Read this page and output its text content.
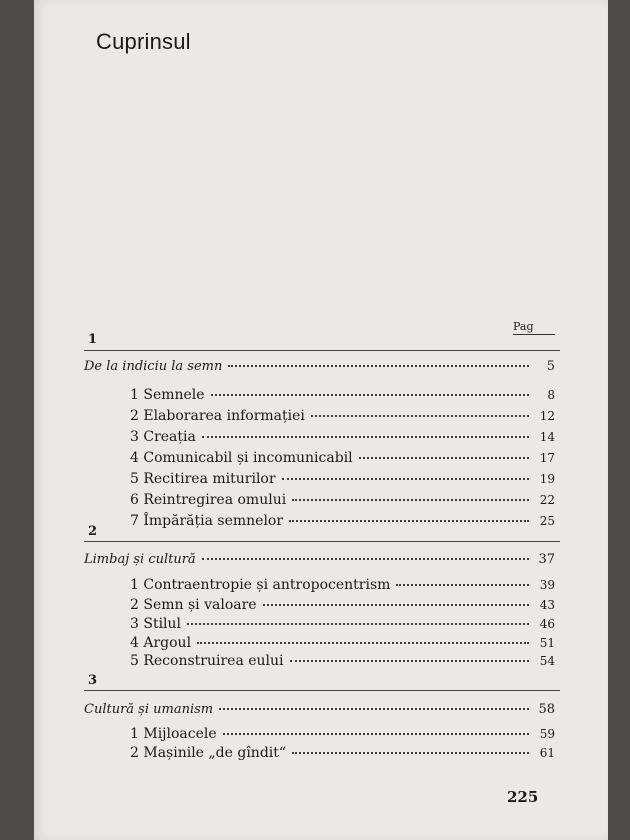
Cuprinsul
Pag
1
De la indiciu la semn	5
1 Semnele	8
2 Elaborarea informației	12
3 Creația	14
4 Comunicabil și incomunicabil	17
5 Recitirea miturilor	19
6 Reintregirea omului	22
7 Împărăția semnelor	25
2
Limbaj și cultură	37
1 Contraentropie și antropocentrism	39
2 Semn și valoare	43
3 Stilul	46
4 Argoul	51
5 Reconstruirea eului	54
3
Cultură și umanism	58
1 Mijloacele	59
2 Mașinile „de gîndit“	61
225
